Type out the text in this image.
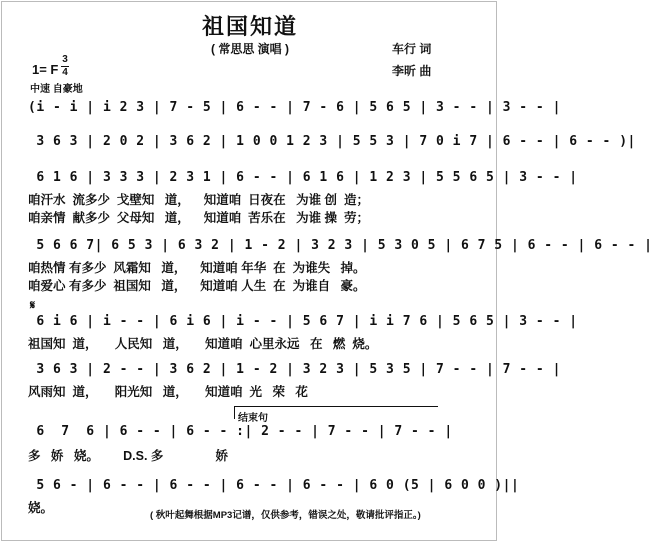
祖国知道
( 常思思 演唱 )	车行 词
李昕 曲
1= F
3
4
中速 自豪地
(i - i | i 2 3 | 7 - 5 | 6 - - | 7 - 6 | 5 6 5 | 3 - - | 3 - - |
3 6 3 | 2 0 2 | 3 6 2 | 1 0 0 1 2 3 | 5 5 3 | 7 0 i 7 | 6 - - | 6 - - )|
6 1 6 | 3 3 3 | 2 3 1 | 6 - - | 6 1 6 | 1 2 3 | 5 5 6 5 | 3 - - |
咱汗水  流多少  戈壁知   道，    知道咱  日夜在   为谁 创  造；
咱亲情  献多少  父母知   道，    知道咱  苦乐在   为谁 操  劳；
5 6 6 7| 6 5 3 | 6 3 2 | 1 - 2 | 3 2 3 | 5 3 0 5 | 6 7 5 | 6 - - | 6 - - |
咱热情 有多少  风霜知   道，    知道咱 年华  在  为谁失   掉。
咱爱心 有多少  祖国知   道，    知道咱 人生  在  为谁自   豪。
𝄋
6 i 6 | i - - | 6 i 6 | i - - | 5 6 7 | i i 7 6 | 5 6 5 | 3 - - |
祖国知  道，     人民知   道，     知道咱  心里永远   在   燃  烧。
3 6 3 | 2 - - | 3 6 2 | 1 - 2 | 3 2 3 | 5 3 5 | 7 - - | 7 - - |
风雨知  道，     阳光知   道，     知道咱  光   荣   花
结束句
6  7  6 | 6 - - | 6 - - :| 2 - - | 7 - - | 7 - - |
多   娇   娆。       D.S. 多               娇
5 6 - | 6 - - | 6 - - | 6 - - | 6 - - | 6 0 (5 | 6 0 0 )||
娆。
( 秋叶起舞根据MP3记谱，仅供参考，错误之处，敬请批评指正。)
